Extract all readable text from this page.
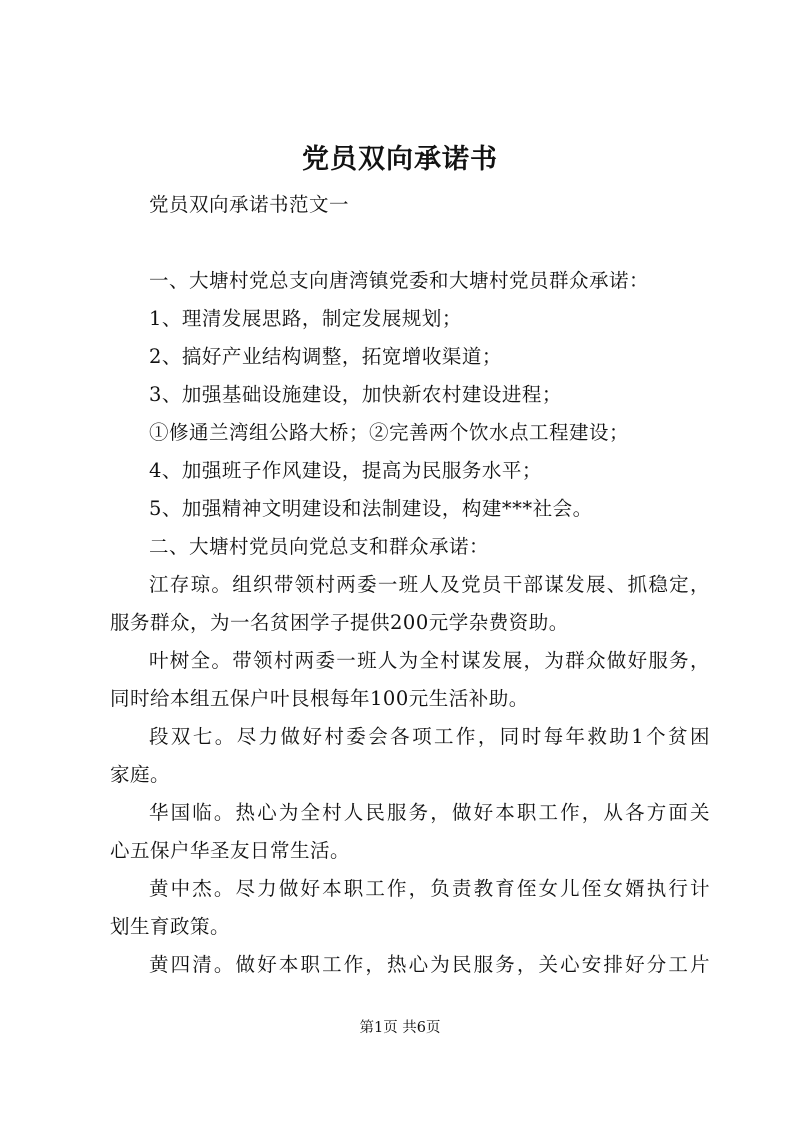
党员双向承诺书

党员双向承诺书范文一

一、大塘村党总支向唐湾镇党委和大塘村党员群众承诺：

1、理清发展思路，制定发展规划；

2、搞好产业结构调整，拓宽增收渠道；

3、加强基础设施建设，加快新农村建设进程；

①修通兰湾组公路大桥；②完善两个饮水点工程建设；

4、加强班子作风建设，提高为民服务水平；

5、加强精神文明建设和法制建设，构建***社会。

二、大塘村党员向党总支和群众承诺：

江存琼。组织带领村两委一班人及党员干部谋发展、抓稳定，

服务群众，为一名贫困学子提供200元学杂费资助。

叶树全。带领村两委一班人为全村谋发展，为群众做好服务，

同时给本组五保户叶艮根每年100元生活补助。

段双七。尽力做好村委会各项工作，同时每年救助1个贫困

家庭。

华国临。热心为全村人民服务，做好本职工作，从各方面关

心五保户华圣友日常生活。

黄中杰。尽力做好本职工作，负责教育侄女儿侄女婿执行计

划生育政策。

黄四清。做好本职工作，热心为民服务，关心安排好分工片

第1页 共6页
